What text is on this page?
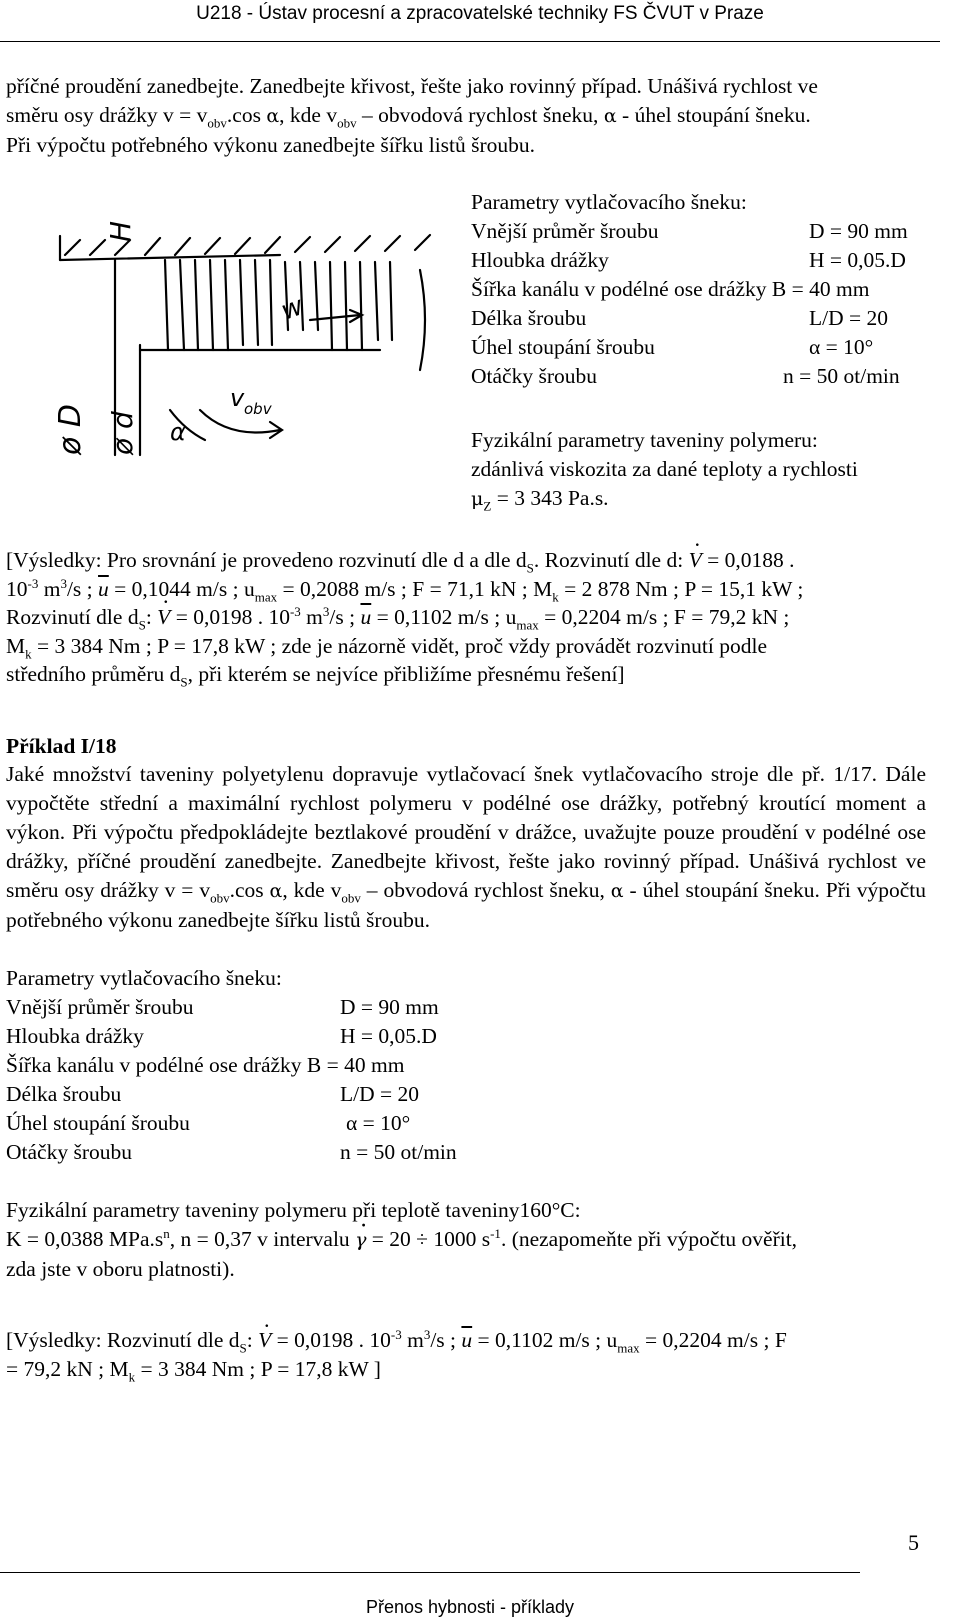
U218 - Ústav procesní a zpracovatelské techniky FS ČVUT v Praze
příčné proudění zanedbejte. Zanedbejte křivost, řešte jako rovinný případ. Unášivá rychlost ve
směru osy drážky $v = v_{obv}.\cos$ α, kde $v_{obv}$ – obvodová rychlost šneku, α - úhel stoupání šneku.
Při výpočtu potřebného výkonu zanedbejte šířku listů šroubu.
H
ø D ø d
w
v obv
α
Parametry vytlačovacího šneku:
Vnější průměr šroubu	D = 90 mm
Hloubka drážky	H = 0,05.D
Šířka kanálu v podélné ose drážky B = 40 mm
Délka šroubu	L/D = 20
Úhel stoupání šroubu	α = 10°
Otáčky šroubu	n = 50 ot/min
Fyzikální parametry taveniny polymeru:
zdánlivá viskozita za dané teploty a rychlosti
$\mu_Z = 3$ 343 Pa.s.
[Výsledky: Pro srovnání je provedeno rozvinutí dle d a dle $d_S$. Rozvinutí dle d: · V = 0,0188 .
$10^{-3}$ $m^3/s$ ; $\overline{u} = 0,1044$ m/s ; $u_{max} = 0,2088$ m/s ; F = 71,1 kN ; $M_k = 2$ 878 Nm ; P = 15,1 kW ;
Rozvinutí dle $d_S$: · V = 0,0198 . $10^{-3}$ $m^3/s$ ; $\overline{u} = 0,1102$ m/s ; $u_{max} = 0,2204$ m/s ; F = 79,2 kN ;
$M_k = 3$ 384 Nm ; P = 17,8 kW ; zde je názorně vidět, proč vždy provádět rozvinutí podle
středního průměru $d_S$, při kterém se nejvíce přibližíme přesnému řešení]
Příklad I/18
Jaké množství taveniny polyetylenu dopravuje vytlačovací šnek vytlačovacího stroje dle př. 1/17. Dále vypočtěte střední a maximální rychlost polymeru v podélné ose drážky, potřebný kroutící moment a výkon. Při výpočtu předpokládejte beztlakové proudění v drážce, uvažujte pouze proudění v podélné ose drážky, příčné proudění zanedbejte. Zanedbejte křivost, řešte jako rovinný případ. Unášivá rychlost ve směru osy drážky $v = v_{obv}.\cos$ α, kde $v_{obv}$ – obvodová rychlost šneku, α - úhel stoupání šneku. Při výpočtu potřebného výkonu zanedbejte šířku listů šroubu.
Parametry vytlačovacího šneku:
Vnější průměr šroubu	D = 90 mm
Hloubka drážky	H = 0,05.D
Šířka kanálu v podélné ose drážky B = 40 mm
Délka šroubu	L/D = 20
Úhel stoupání šroubu	α = 10°
Otáčky šroubu	n = 50 ot/min
Fyzikální parametry taveniny polymeru při teplotě taveniny160°C:
K = 0,0388 $MPa.s^n$, n = 0,37 v intervalu · γ = 20 ÷ 1000 $s^{-1}$. (nezapomeňte při výpočtu ověřit,
zda jste v oboru platnosti).
[Výsledky: Rozvinutí dle $d_S$: · V = 0,0198 . $10^{-3}$ $m^3/s$ ; $\overline{u} = 0,1102$ m/s ; $u_{max} = 0,2204$ m/s ; F
= 79,2 kN ; $M_k = 3$ 384 Nm ; P = 17,8 kW ]
5
Přenos hybnosti - příklady
